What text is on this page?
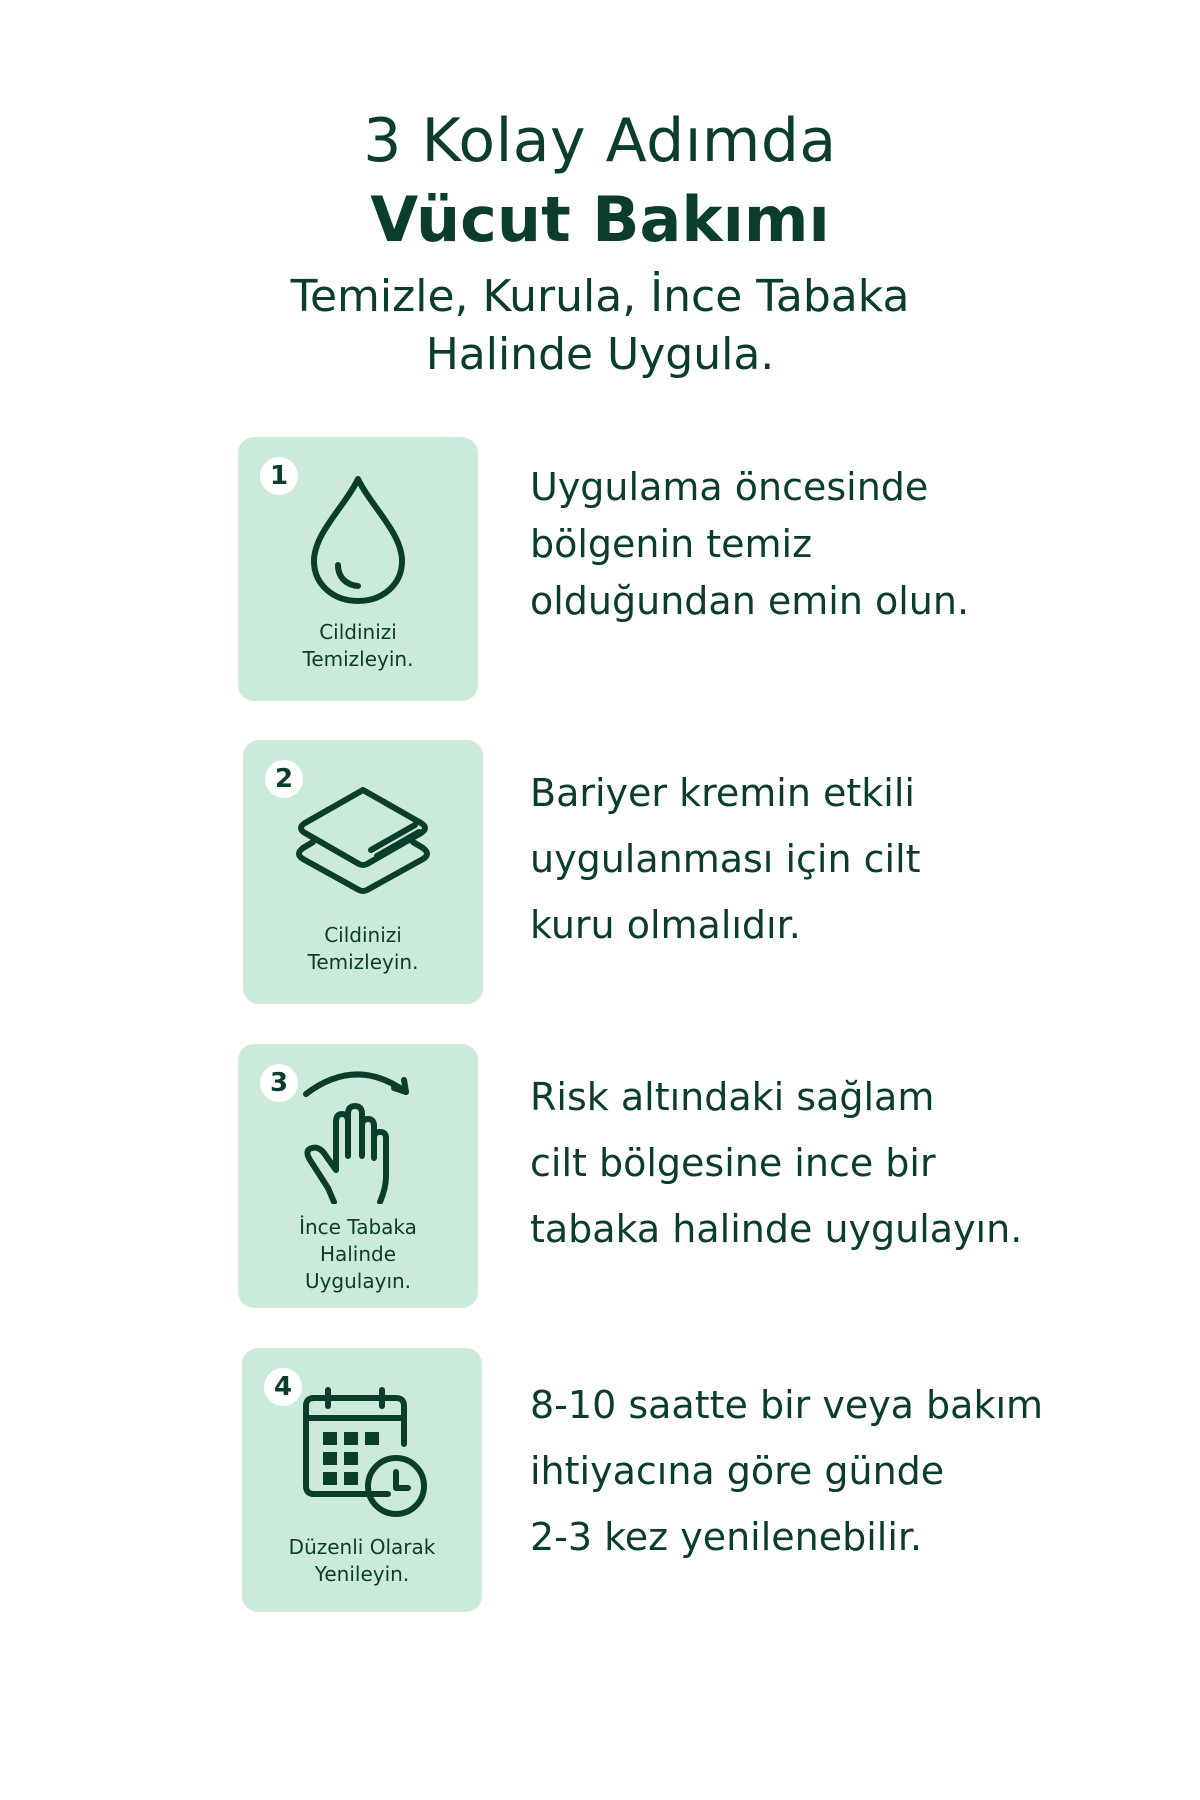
3 Kolay Adımda
Vücut Bakımı
Temizle, Kurula, İnce Tabaka
Halinde Uygula.
1
Cildinizi
Temizleyin.
Uygulama öncesinde
bölgenin temiz
olduğundan emin olun.
2
Cildinizi
Temizleyin.
Bariyer kremin etkili
uygulanması için cilt
kuru olmalıdır.
3
İnce Tabaka
Halinde
Uygulayın.
Risk altındaki sağlam
cilt bölgesine ince bir
tabaka halinde uygulayın.
4
Düzenli Olarak
Yenileyin.
8-10 saatte bir veya bakım
ihtiyacına göre günde
2-3 kez yenilenebilir.
